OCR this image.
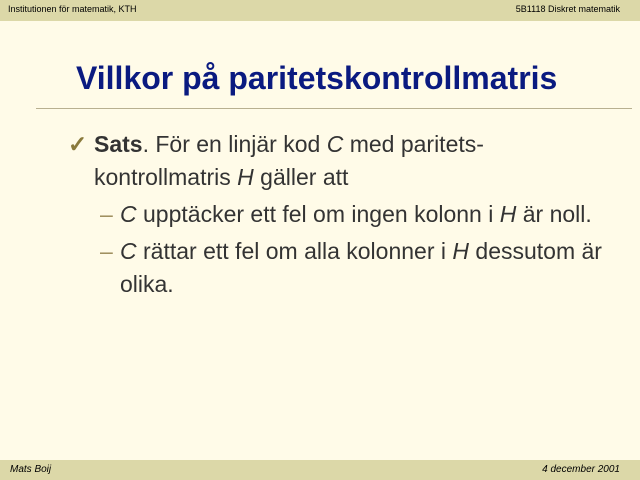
Institutionen för matematik, KTH	5B1118 Diskret matematik
Villkor på paritetskontrollmatris
✓ Sats. För en linjär kod C med paritets-kontrollmatris H gäller att
– C upptäcker ett fel om ingen kolonn i H är noll.
– C rättar ett fel om alla kolonner i H dessutom är olika.
Mats Boij	4 december 2001
